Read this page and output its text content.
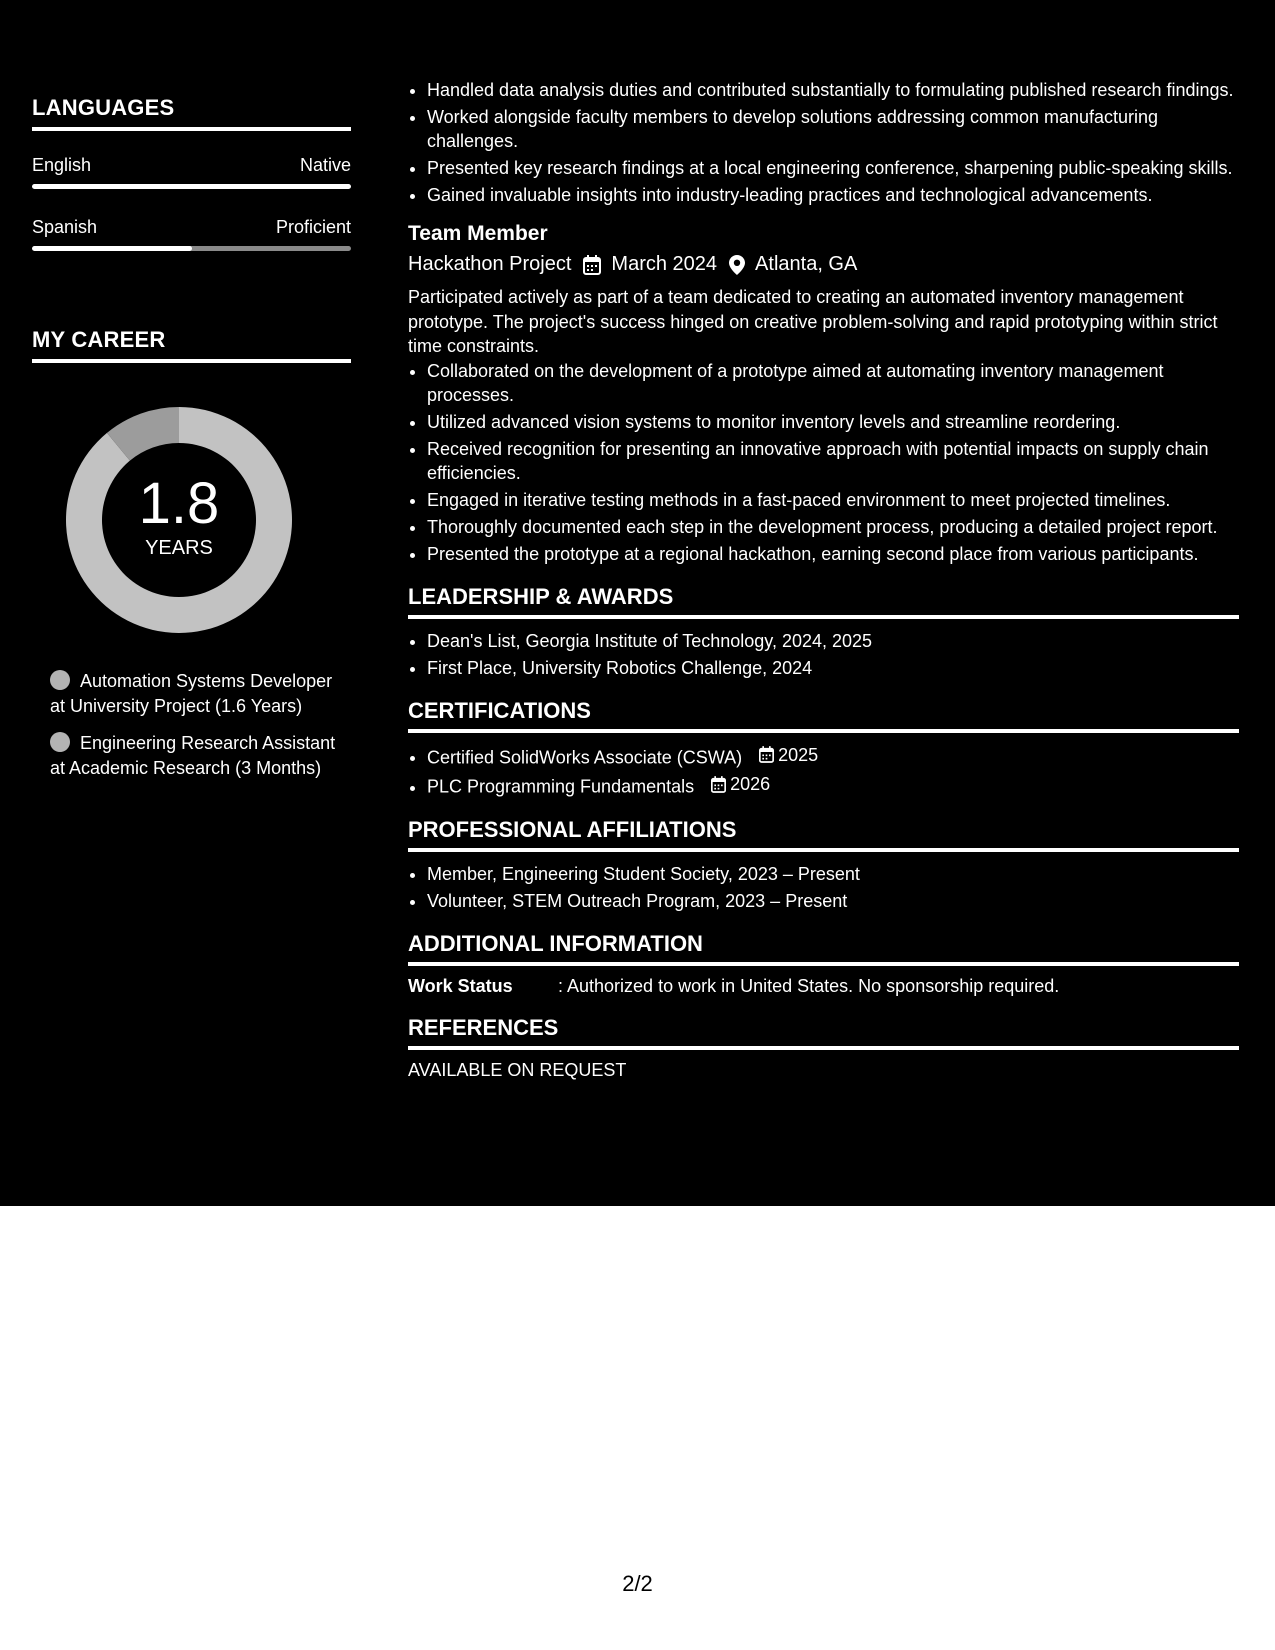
LANGUAGES
English	Native
Spanish	Proficient
MY CAREER
1.8
YEARS
Automation Systems Developer at University Project (1.6 Years)
Engineering Research Assistant at Academic Research (3 Months)
• Handled data analysis duties and contributed substantially to formulating published research findings.
• Worked alongside faculty members to develop solutions addressing common manufacturing challenges.
• Presented key research findings at a local engineering conference, sharpening public-speaking skills.
• Gained invaluable insights into industry-leading practices and technological advancements.
Team Member
Hackathon Project March 2024 Atlanta, GA
Participated actively as part of a team dedicated to creating an automated inventory management prototype. The project's success hinged on creative problem-solving and rapid prototyping within strict time constraints.
• Collaborated on the development of a prototype aimed at automating inventory management processes.
• Utilized advanced vision systems to monitor inventory levels and streamline reordering.
• Received recognition for presenting an innovative approach with potential impacts on supply chain efficiencies.
• Engaged in iterative testing methods in a fast-paced environment to meet projected timelines.
• Thoroughly documented each step in the development process, producing a detailed project report.
• Presented the prototype at a regional hackathon, earning second place from various participants.
LEADERSHIP & AWARDS
• Dean's List, Georgia Institute of Technology, 2024, 2025
• First Place, University Robotics Challenge, 2024
CERTIFICATIONS
• Certified SolidWorks Associate (CSWA) 2025
• PLC Programming Fundamentals 2026
PROFESSIONAL AFFILIATIONS
• Member, Engineering Student Society, 2023 – Present
• Volunteer, STEM Outreach Program, 2023 – Present
ADDITIONAL INFORMATION
Work Status	: Authorized to work in United States. No sponsorship required.
REFERENCES
AVAILABLE ON REQUEST
2/2
